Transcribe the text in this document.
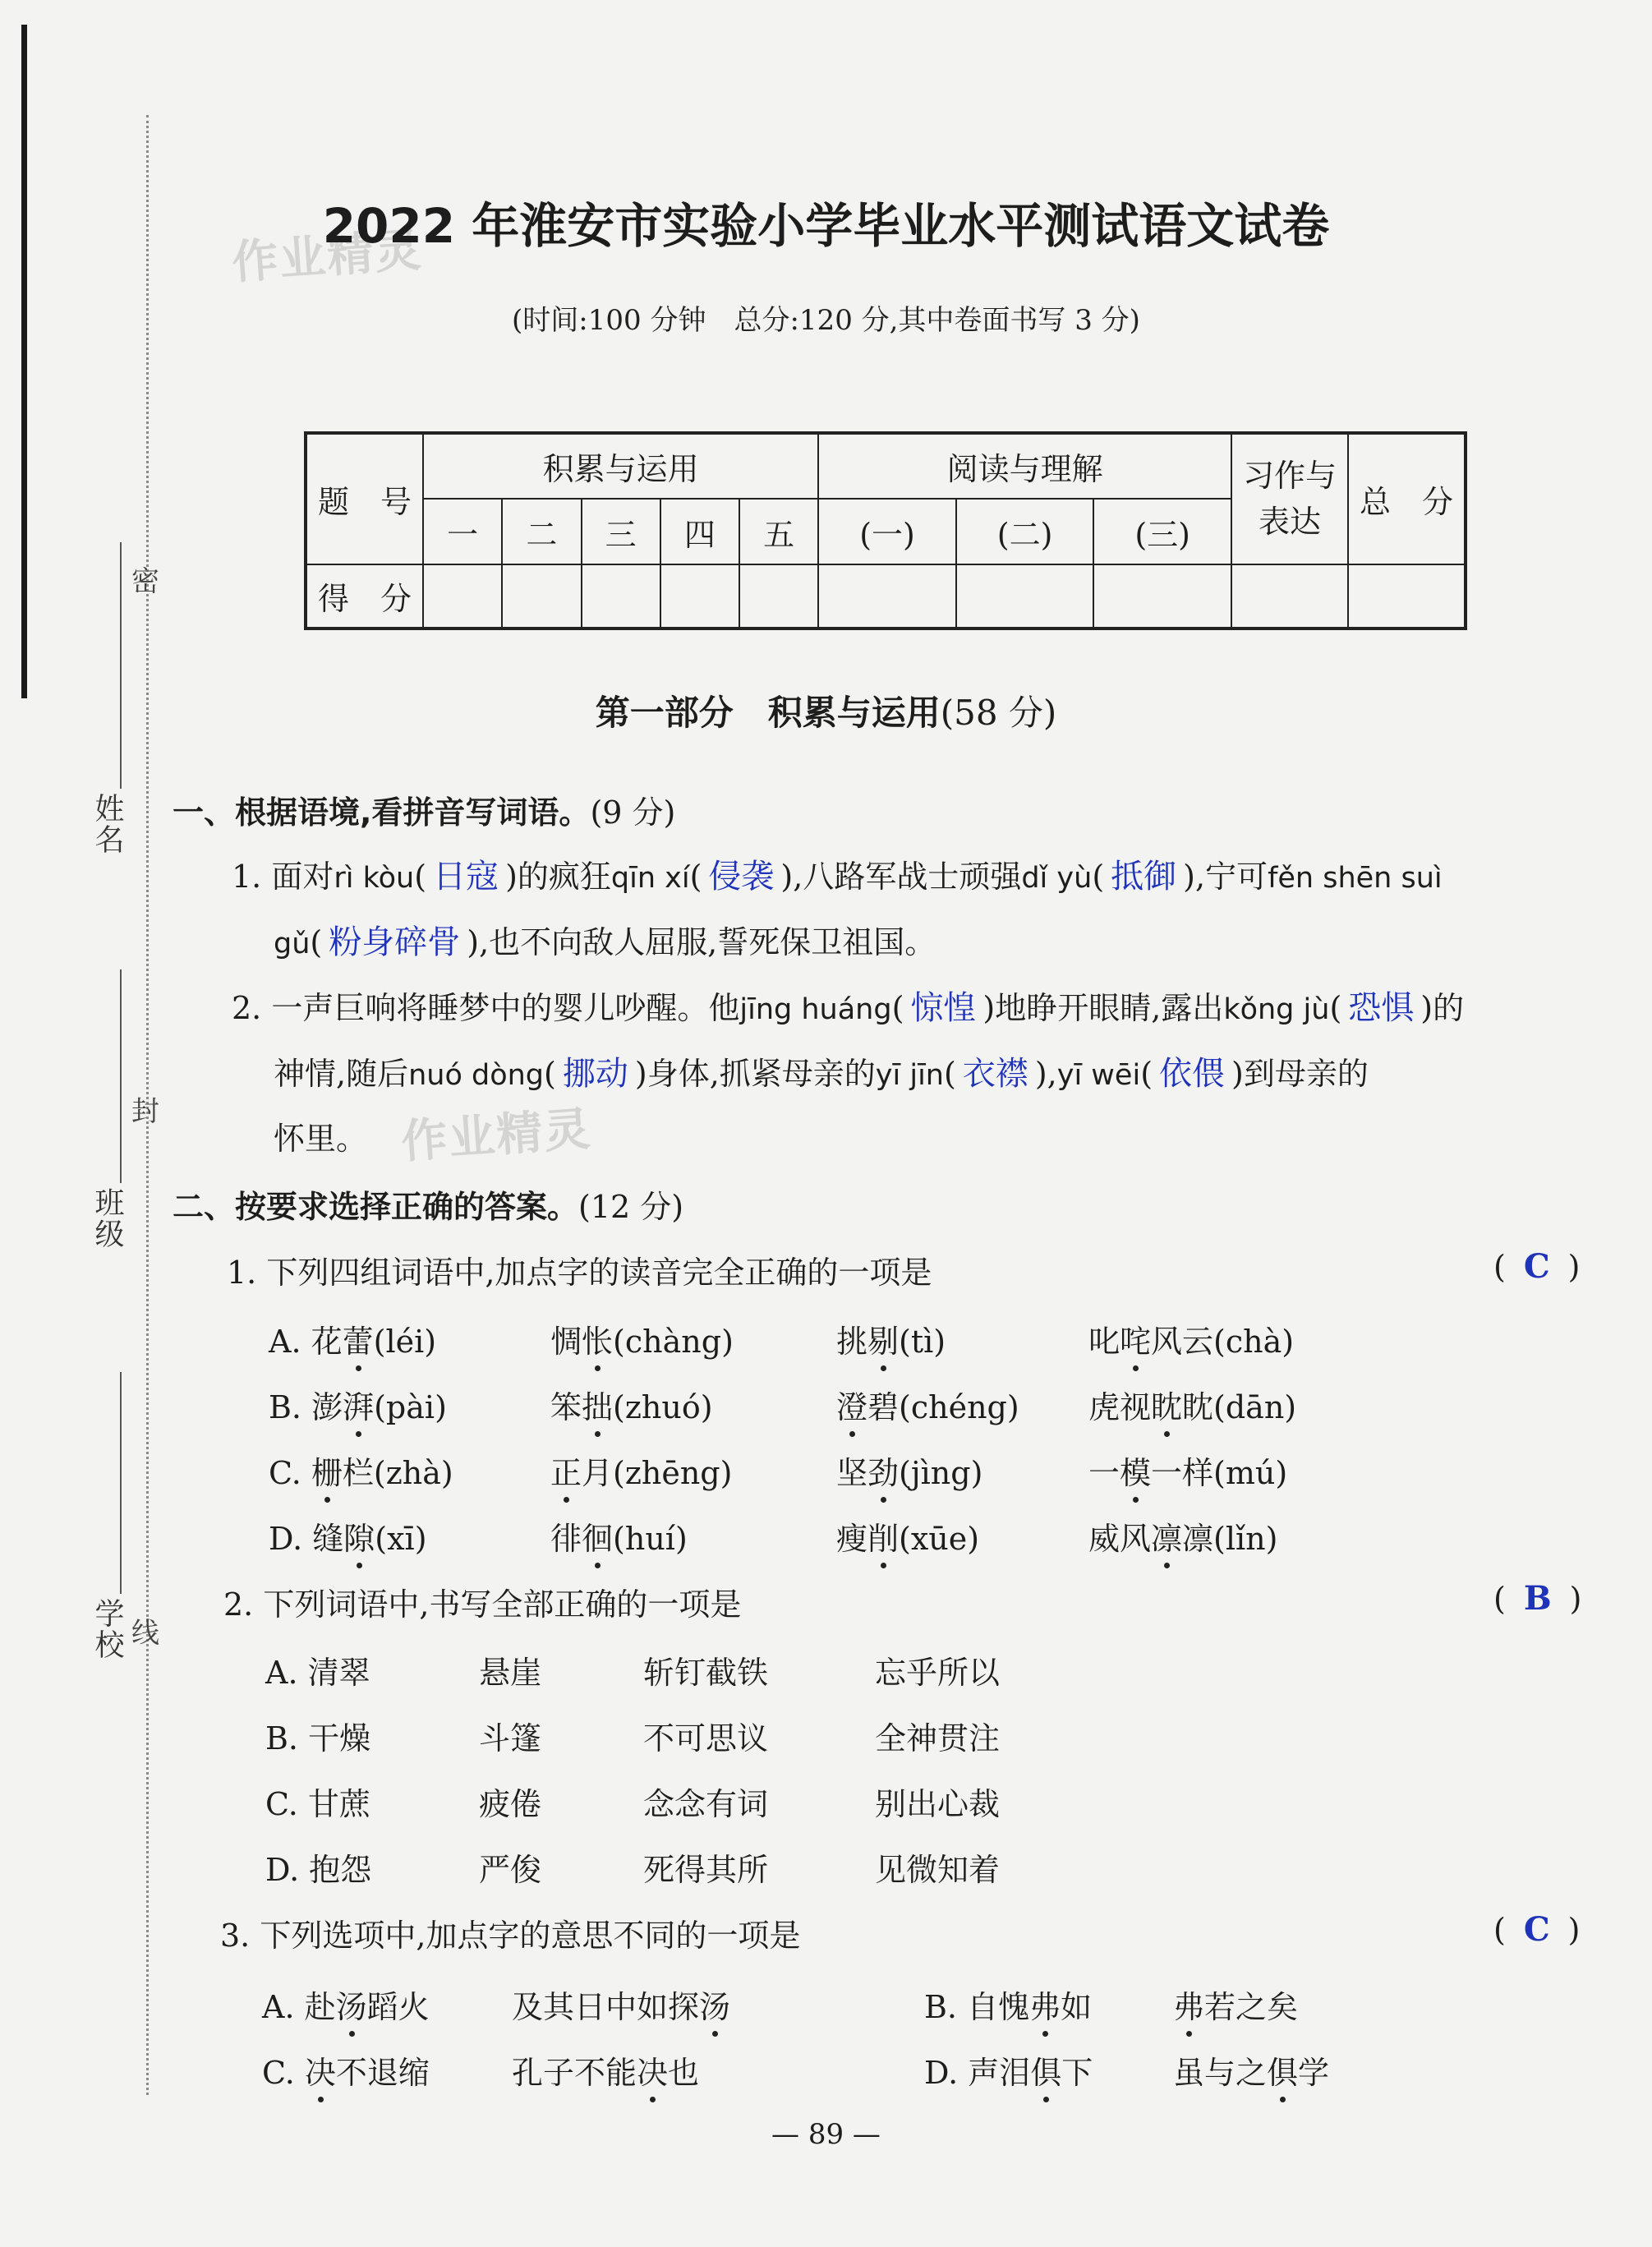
密
封
线
姓名
班级
学校
作业精灵
作业精灵
2022 年淮安市实验小学毕业水平测试语文试卷
(时间:100 分钟　总分:120 分,其中卷面书写 3 分)
题　号	积累与运用					阅读与理解			习作与表达	总　分
	一	二	三	四	五	(一)	(二)	(三)		
得　分										
第一部分　积累与运用(58 分)
一、根据语境,看拼音写词语。(9 分)
1. 面对rì kòu( 日寇 )的疯狂qīn xí( 侵袭 ),八路军战士顽强dǐ yù( 抵御 ),宁可fěn shēn suì
gǔ( 粉身碎骨 ),也不向敌人屈服,誓死保卫祖国。
2. 一声巨响将睡梦中的婴儿吵醒。他jīng huáng( 惊惶 )地睁开眼睛,露出kǒng jù( 恐惧 )的
神情,随后nuó dòng( 挪动 )身体,抓紧母亲的yī jīn( 衣襟 ),yī wēi( 依偎 )到母亲的
怀里。
二、按要求选择正确的答案。(12 分)
1. 下列四组词语中,加点字的读音完全正确的一项是	( C )
A. 花蕾(léi)	惆怅(chàng)	挑剔(tì)	叱咤风云(chà)
B. 澎湃(pài)	笨拙(zhuó)	澄碧(chéng) 虎视眈眈(dān)
C. 栅栏(zhà)	正月(zhēng)	坚劲(jìng)	一模一样(mú)
D. 缝隙(xī)	徘徊(huí)	瘦削(xūe)	威风凛凛(lǐn)
2. 下列词语中,书写全部正确的一项是	( B )
A. 清翠	悬崖	斩钉截铁	忘乎所以
B. 干燥	斗篷	不可思议	全神贯注
C. 甘蔗	疲倦	念念有词	别出心裁
D. 抱怨	严俊	死得其所	见微知着
3. 下列选项中,加点字的意思不同的一项是	( C )
A. 赴汤蹈火	及其日中如探汤	B. 自愧弗如	弗若之矣
C. 决不退缩	孔子不能决也	D. 声泪俱下	虽与之俱学
— 89 —
